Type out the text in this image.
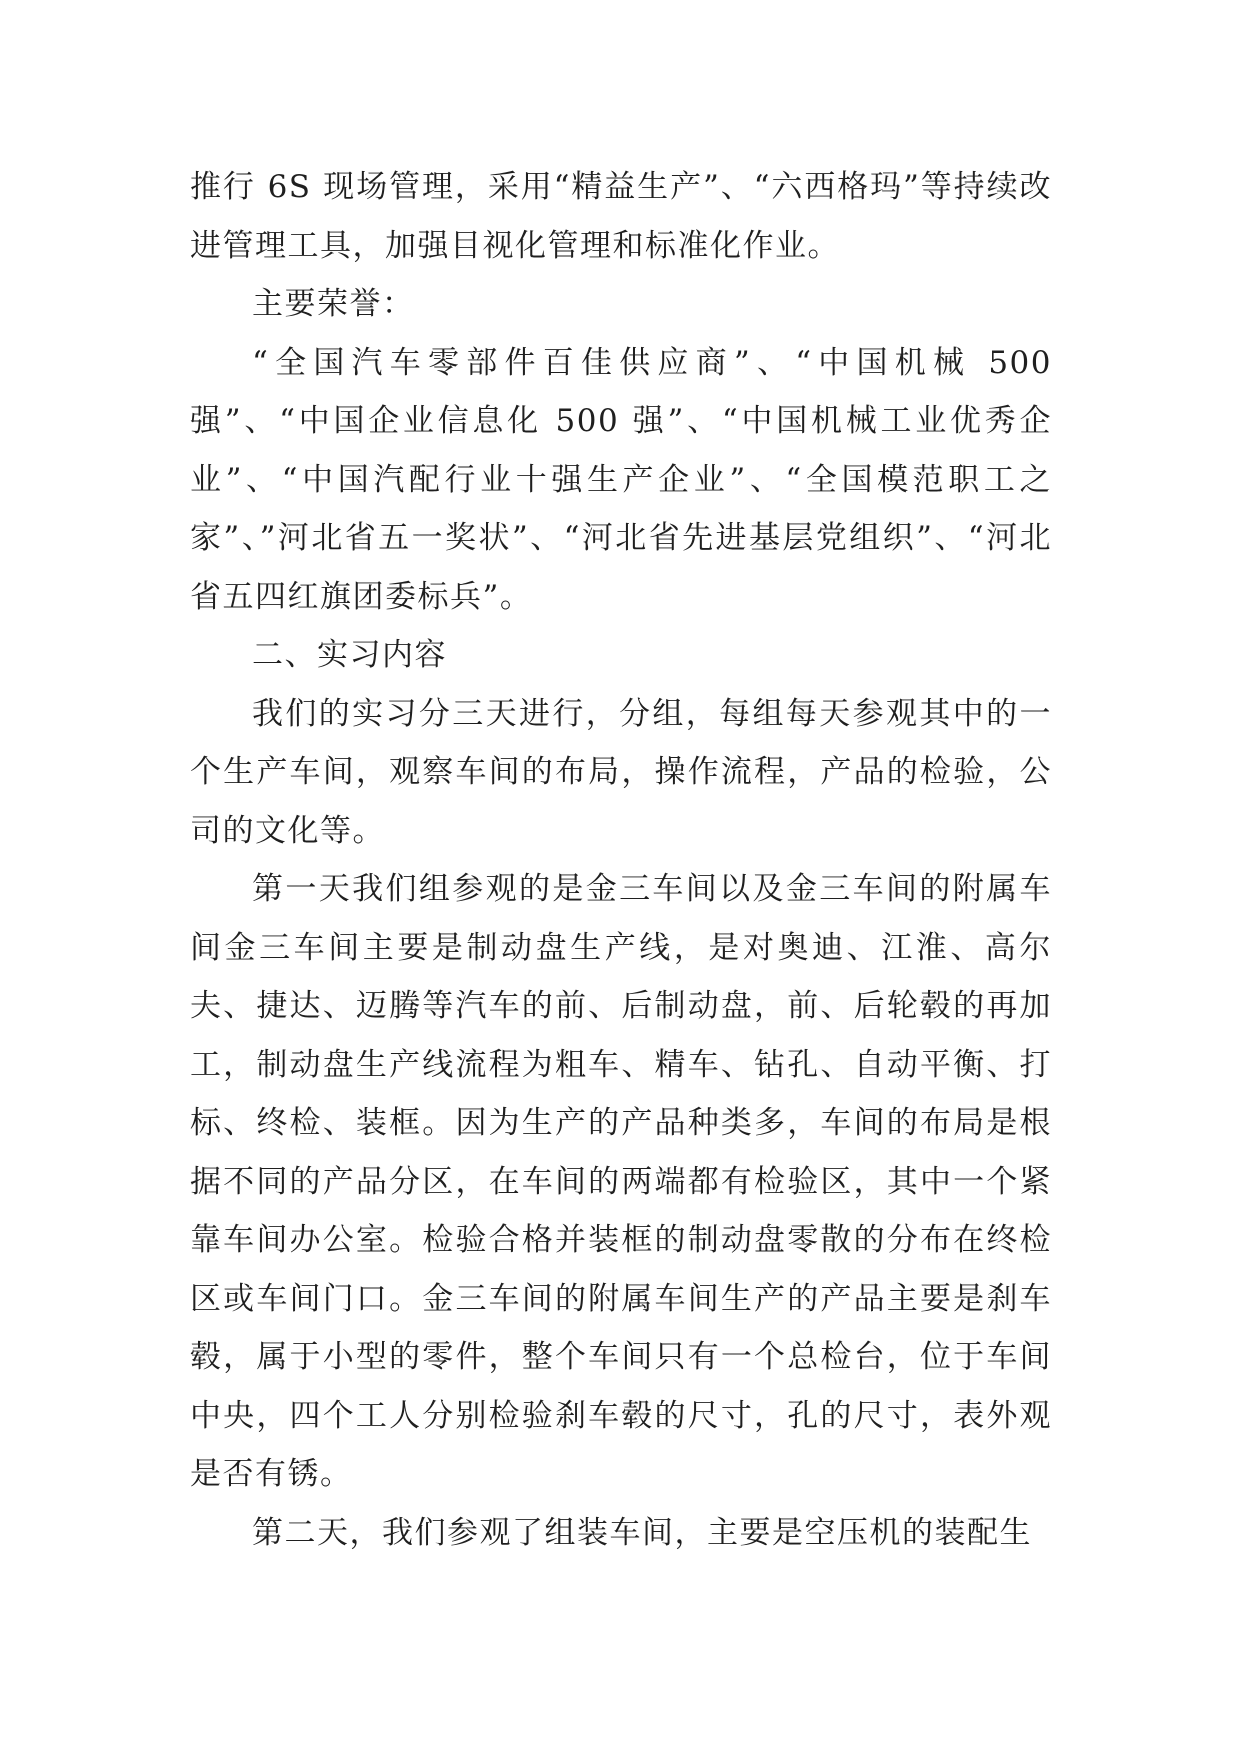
推行 6S 现场管理，采用“精益生产”、“六西格玛”等持续改进管理工具，加强目视化管理和标准化作业。

主要荣誉：

“全国汽车零部件百佳供应商”、“中国机械 500 强”、“中国企业信息化 500 强”、“中国机械工业优秀企业”、“中国汽配行业十强生产企业”、“全国模范职工之家”、”河北省五一奖状”、“河北省先进基层党组织”、“河北省五四红旗团委标兵”。

二、实习内容

我们的实习分三天进行，分组，每组每天参观其中的一个生产车间，观察车间的布局，操作流程，产品的检验，公司的文化等。

第一天我们组参观的是金三车间以及金三车间的附属车间金三车间主要是制动盘生产线，是对奥迪、江淮、高尔夫、捷达、迈腾等汽车的前、后制动盘，前、后轮毂的再加工，制动盘生产线流程为粗车、精车、钻孔、自动平衡、打标、终检、装框。因为生产的产品种类多，车间的布局是根据不同的产品分区，在车间的两端都有检验区，其中一个紧靠车间办公室。检验合格并装框的制动盘零散的分布在终检区或车间门口。金三车间的附属车间生产的产品主要是刹车毂，属于小型的零件，整个车间只有一个总检台，位于车间中央，四个工人分别检验刹车毂的尺寸，孔的尺寸，表外观是否有锈。

第二天，我们参观了组装车间，主要是空压机的装配生
